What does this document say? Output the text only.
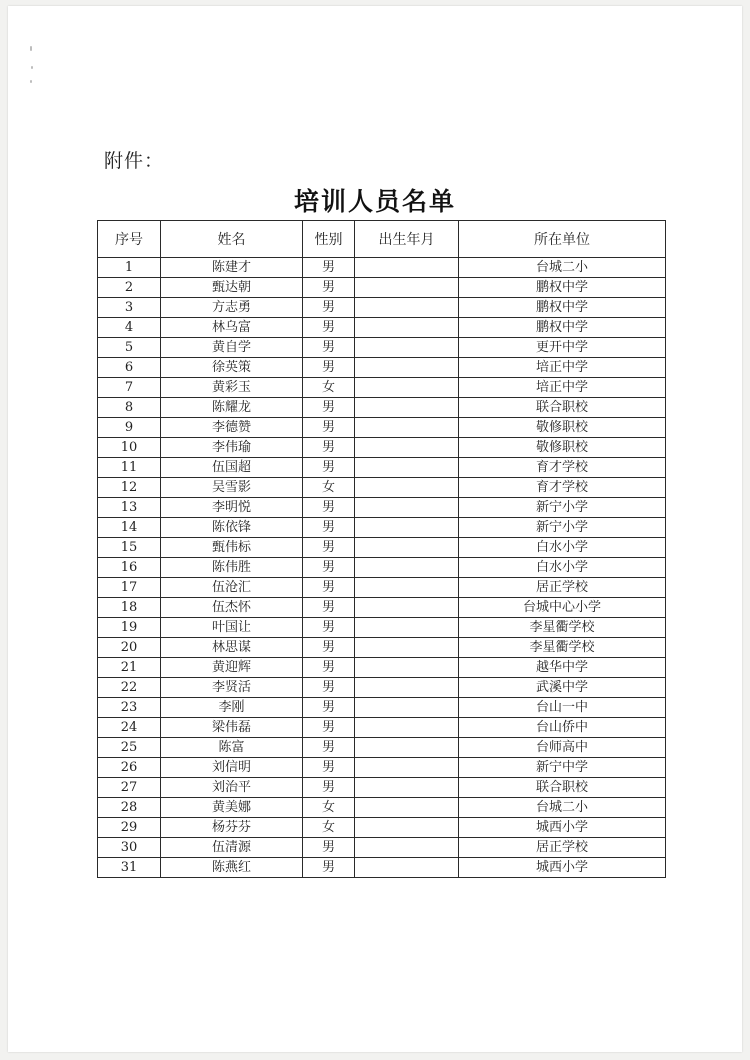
附件：
培训人员名单
序号	姓名	性别	出生年月	所在单位
1	陈建才	男		台城二小
2	甄达朝	男		鹏权中学
3	方志勇	男		鹏权中学
4	林乌富	男		鹏权中学
5	黄自学	男		更开中学
6	徐英策	男		培正中学
7	黄彩玉	女		培正中学
8	陈耀龙	男		联合职校
9	李德赞	男		敬修职校
10	李伟瑜	男		敬修职校
11	伍国超	男		育才学校
12	吴雪影	女		育才学校
13	李明悦	男		新宁小学
14	陈依锋	男		新宁小学
15	甄伟标	男		白水小学
16	陈伟胜	男		白水小学
17	伍沧汇	男		居正学校
18	伍杰怀	男		台城中心小学
19	叶国让	男		李星衢学校
20	林思谋	男		李星衢学校
21	黄迎辉	男		越华中学
22	李贤活	男		武溪中学
23	李刚	男		台山一中
24	梁伟磊	男		台山侨中
25	陈富	男		台师高中
26	刘信明	男		新宁中学
27	刘治平	男		联合职校
28	黄美娜	女		台城二小
29	杨芬芬	女		城西小学
30	伍清源	男		居正学校
31	陈燕红	男		城西小学
